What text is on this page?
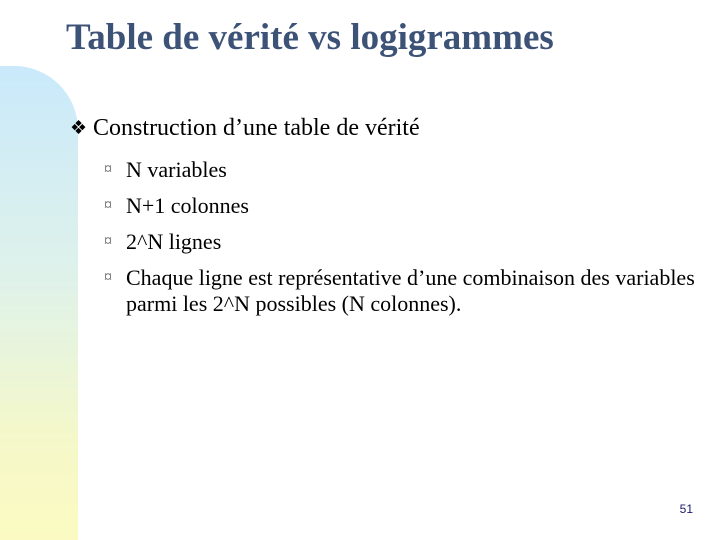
Table de vérité vs logigrammes
❖ Construction d’une table de vérité
¤ N variables
¤ N+1 colonnes
¤ 2^N lignes
¤ Chaque ligne est représentative d’une combinaison des variables parmi les 2^N possibles (N colonnes).
51
